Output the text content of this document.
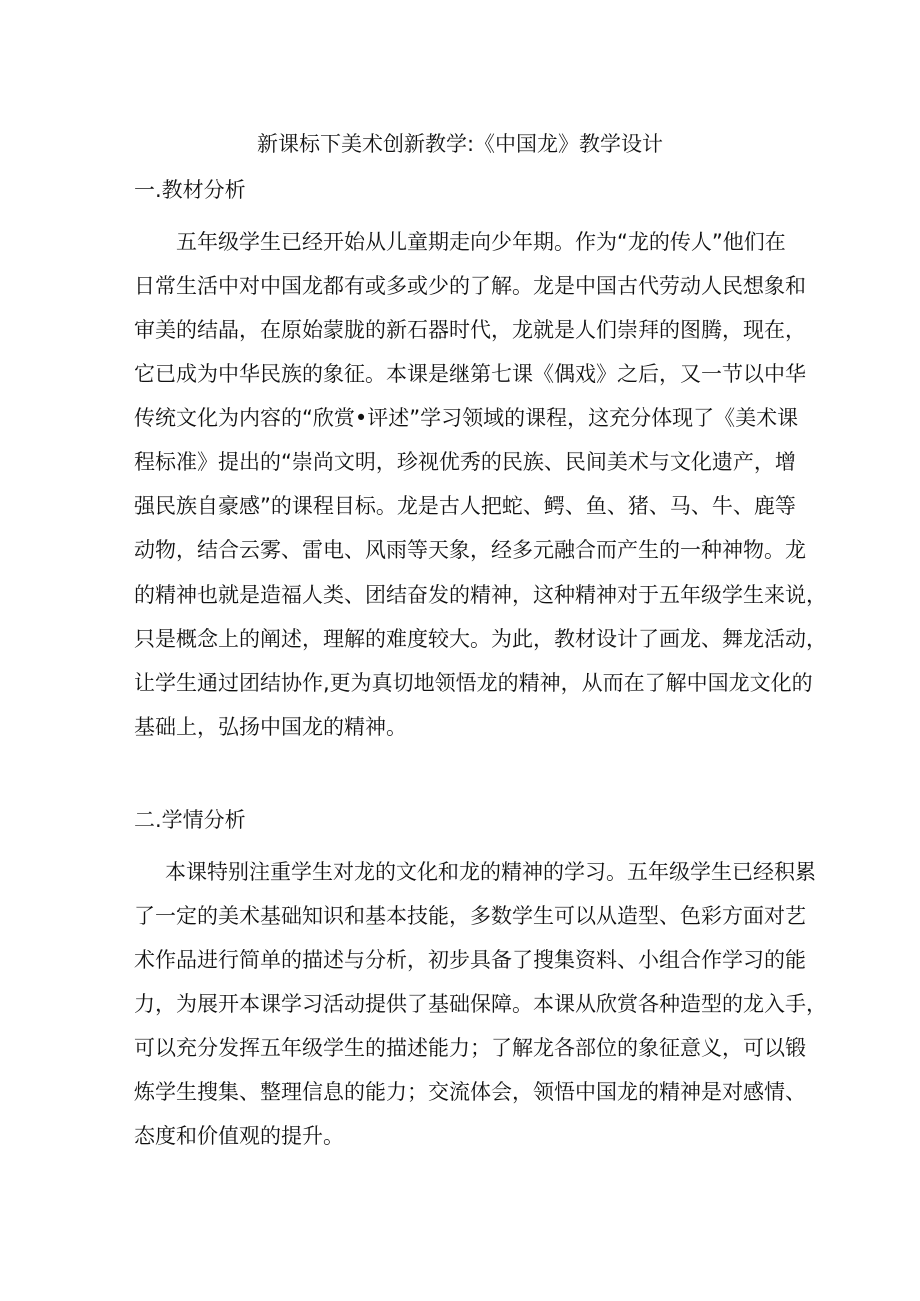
新课标下美术创新教学:《中国龙》教学设计
一.教材分析
五年级学生已经开始从儿童期走向少年期。作为“龙的传人”他们在
日常生活中对中国龙都有或多或少的了解。龙是中国古代劳动人民想象和
审美的结晶，在原始蒙胧的新石器时代，龙就是人们崇拜的图腾，现在，
它已成为中华民族的象征。本课是继第七课《偶戏》之后，又一节以中华
传统文化为内容的“欣赏•评述”学习领域的课程，这充分体现了《美术课
程标准》提出的“崇尚文明，珍视优秀的民族、民间美术与文化遗产，增
强民族自豪感”的课程目标。龙是古人把蛇、鳄、鱼、猪、马、牛、鹿等
动物，结合云雾、雷电、风雨等天象，经多元融合而产生的一种神物。龙
的精神也就是造福人类、团结奋发的精神，这种精神对于五年级学生来说，
只是概念上的阐述，理解的难度较大。为此，教材设计了画龙、舞龙活动，
让学生通过团结协作,更为真切地领悟龙的精神，从而在了解中国龙文化的
基础上，弘扬中国龙的精神。
二.学情分析
本课特别注重学生对龙的文化和龙的精神的学习。五年级学生已经积累
了一定的美术基础知识和基本技能，多数学生可以从造型、色彩方面对艺
术作品进行简单的描述与分析，初步具备了搜集资料、小组合作学习的能
力，为展开本课学习活动提供了基础保障。本课从欣赏各种造型的龙入手，
可以充分发挥五年级学生的描述能力；了解龙各部位的象征意义，可以锻
炼学生搜集、整理信息的能力；交流体会，领悟中国龙的精神是对感情、
态度和价值观的提升。
